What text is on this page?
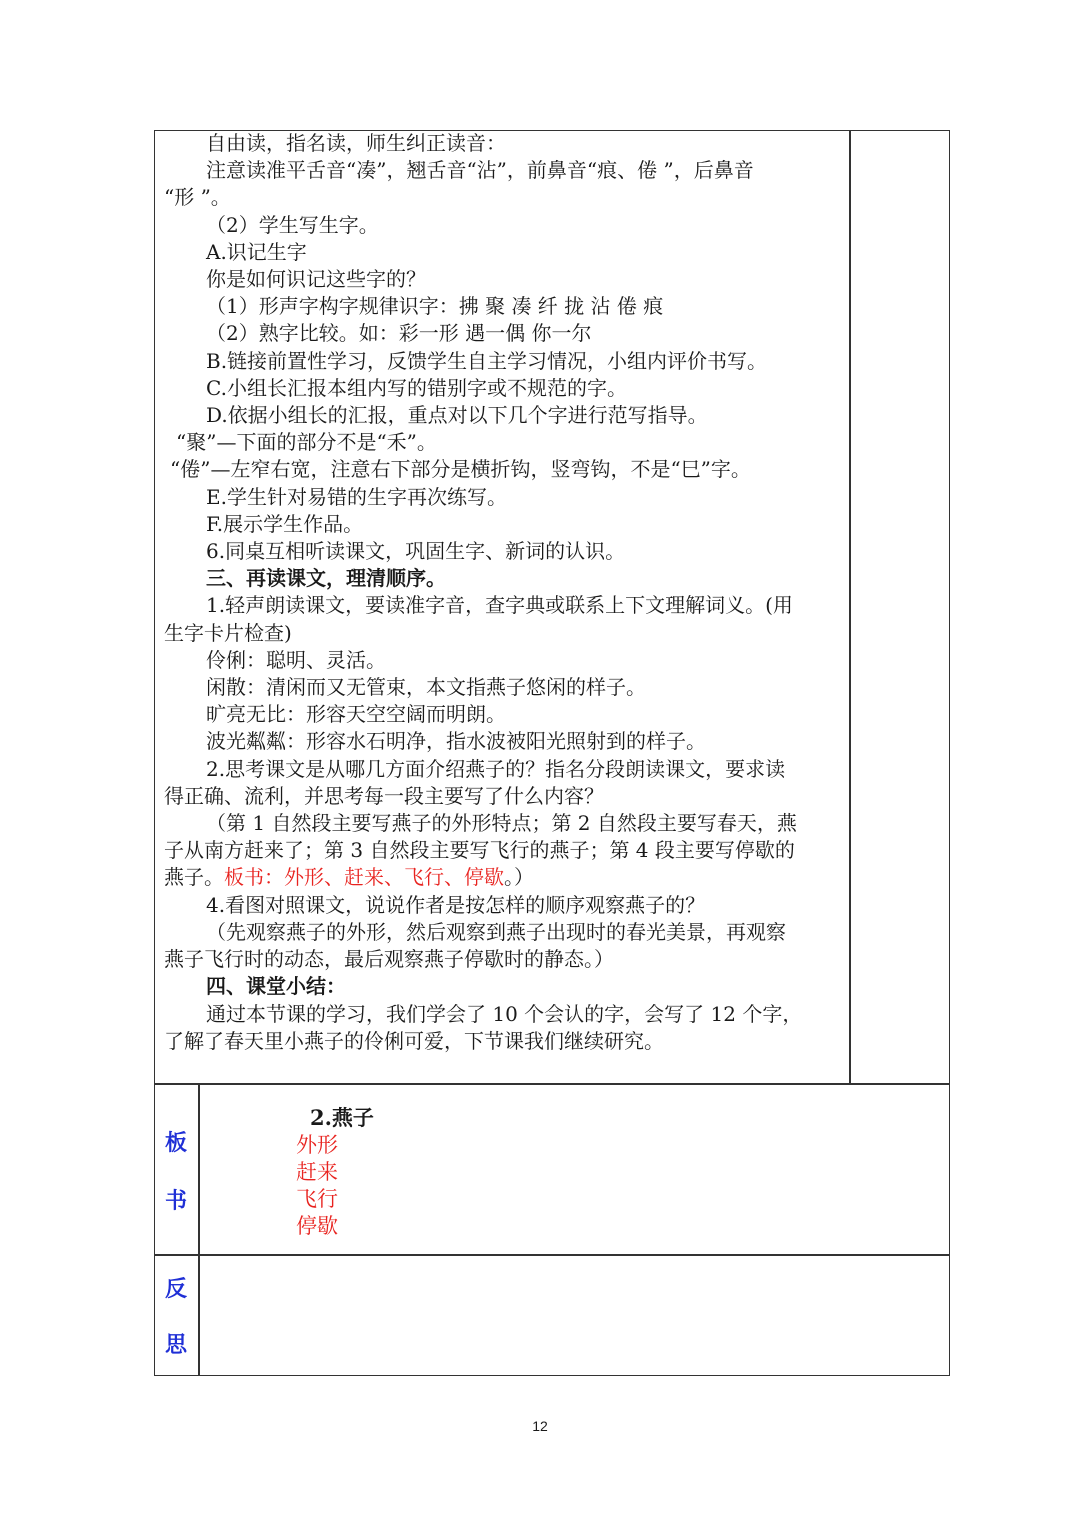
自由读，指名读，师生纠正读音：

注意读准平舌音“凑”，翘舌音“沾”，前鼻音“痕、倦 ”，后鼻音

“形 ”。

（2）学生写生字。

A.识记生字

你是如何识记这些字的？

（1）形声字构字规律识字：拂 聚 凑 纤 拢 沾 倦 痕

（2）熟字比较。如：彩一形 遇一偶 你一尔

B.链接前置性学习，反馈学生自主学习情况，小组内评价书写。

C.小组长汇报本组内写的错别字或不规范的字。

D.依据小组长的汇报，重点对以下几个字进行范写指导。

“聚”—下面的部分不是“禾”。

“倦”—左窄右宽，注意右下部分是横折钩，竖弯钩，不是“巳”字。

E.学生针对易错的生字再次练写。

F.展示学生作品。

6.同桌互相听读课文，巩固生字、新词的认识。

三、再读课文，理清顺序。

1.轻声朗读课文，要读准字音，查字典或联系上下文理解词义。(用

生字卡片检查)

伶俐：聪明、灵活。

闲散：清闲而又无管束，本文指燕子悠闲的样子。

旷亮无比：形容天空空阔而明朗。

波光粼粼：形容水石明净，指水波被阳光照射到的样子。

2.思考课文是从哪几方面介绍燕子的？指名分段朗读课文，要求读

得正确、流利，并思考每一段主要写了什么内容？

（第 1 自然段主要写燕子的外形特点；第 2 自然段主要写春天，燕

子从南方赶来了；第 3 自然段主要写飞行的燕子；第 4 段主要写停歇的

燕子。板书：外形、赶来、飞行、停歇。）

4.看图对照课文，说说作者是按怎样的顺序观察燕子的？

（先观察燕子的外形，然后观察到燕子出现时的春光美景，再观察

燕子飞行时的动态，最后观察燕子停歇时的静态。）

四、课堂小结：

通过本节课的学习，我们学会了 10 个会认的字，会写了 12 个字，

了解了春天里小燕子的伶俐可爱，下节课我们继续研究。

板
书
2.燕子
外形
赶来
飞行
停歇
反
思
12
